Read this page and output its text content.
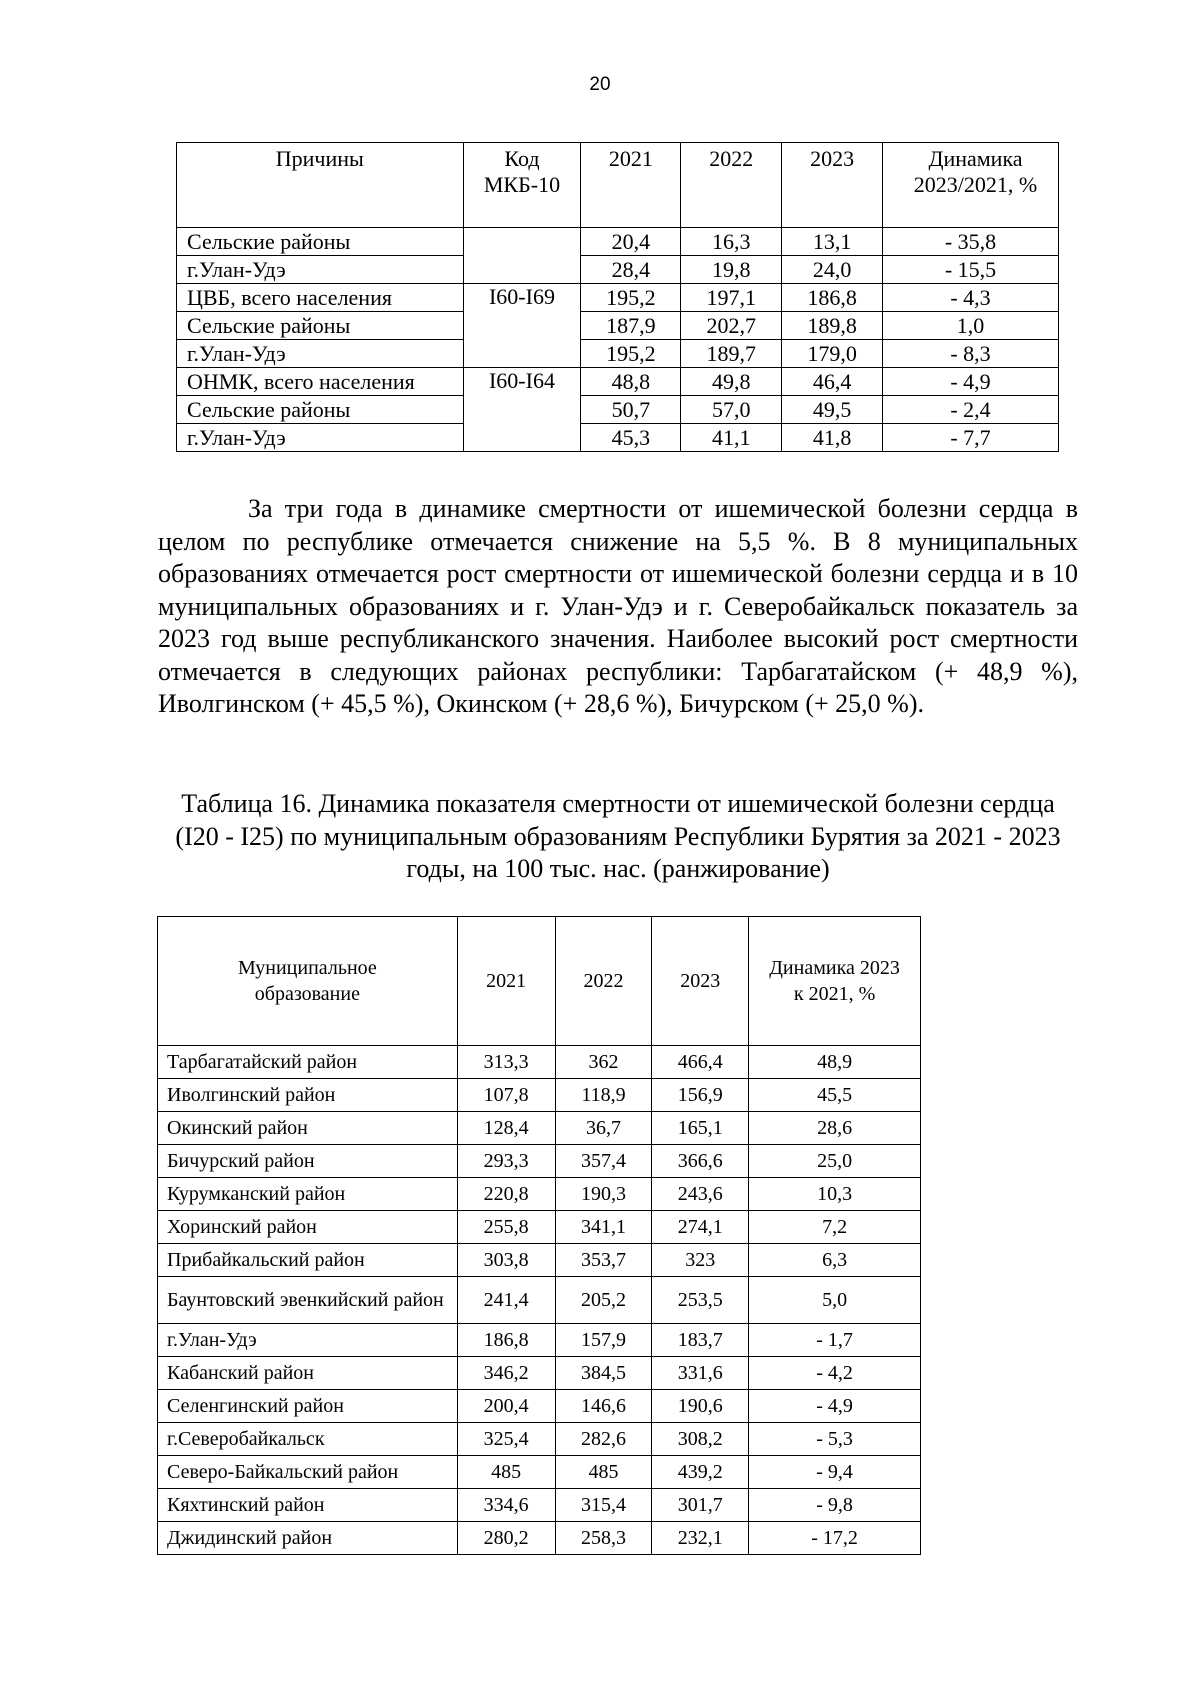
20
Причины	Код МКБ-10	2021	2022	2023	Динамика 2023/2021, %
Сельские районы		20,4	16,3	13,1	- 35,8
г.Улан-Удэ		28,4	19,8	24,0	- 15,5
ЦВБ, всего населения	I60-I69	195,2	197,1	186,8	- 4,3
Сельские районы		187,9	202,7	189,8	1,0
г.Улан-Удэ		195,2	189,7	179,0	- 8,3
ОНМК, всего населения	I60-I64	48,8	49,8	46,4	- 4,9
Сельские районы		50,7	57,0	49,5	- 2,4
г.Улан-Удэ		45,3	41,1	41,8	- 7,7

За три года в динамике смертности от ишемической болезни сердца в целом по республике отмечается снижение на 5,5 %. В 8 муниципальных образованиях отмечается рост смертности от ишемической болезни сердца и в 10 муниципальных образованиях и г. Улан-Удэ и г. Северобайкальск показатель за 2023 год выше республиканского значения. Наиболее высокий рост смертности отмечается в следующих районах республики: Тарбагатайском (+ 48,9 %), Иволгинском (+ 45,5 %), Окинском (+ 28,6 %), Бичурском (+ 25,0 %).

Таблица 16. Динамика показателя смертности от ишемической болезни сердца (I20 - I25) по муниципальным образованиям Республики Бурятия за 2021 - 2023 годы, на 100 тыс. нас. (ранжирование)

Муниципальное образование	2021	2022	2023	Динамика 2023 к 2021, %
Тарбагатайский район	313,3	362	466,4	48,9
Иволгинский район	107,8	118,9	156,9	45,5
Окинский район	128,4	36,7	165,1	28,6
Бичурский район	293,3	357,4	366,6	25,0
Курумканский район	220,8	190,3	243,6	10,3
Хоринский район	255,8	341,1	274,1	7,2
Прибайкальский район	303,8	353,7	323	6,3
Баунтовский эвенкийский район	241,4	205,2	253,5	5,0
г.Улан-Удэ	186,8	157,9	183,7	- 1,7
Кабанский район	346,2	384,5	331,6	- 4,2
Селенгинский район	200,4	146,6	190,6	- 4,9
г.Северобайкальск	325,4	282,6	308,2	- 5,3
Северо-Байкальский район	485	485	439,2	- 9,4
Кяхтинский район	334,6	315,4	301,7	- 9,8
Джидинский район	280,2	258,3	232,1	- 17,2
